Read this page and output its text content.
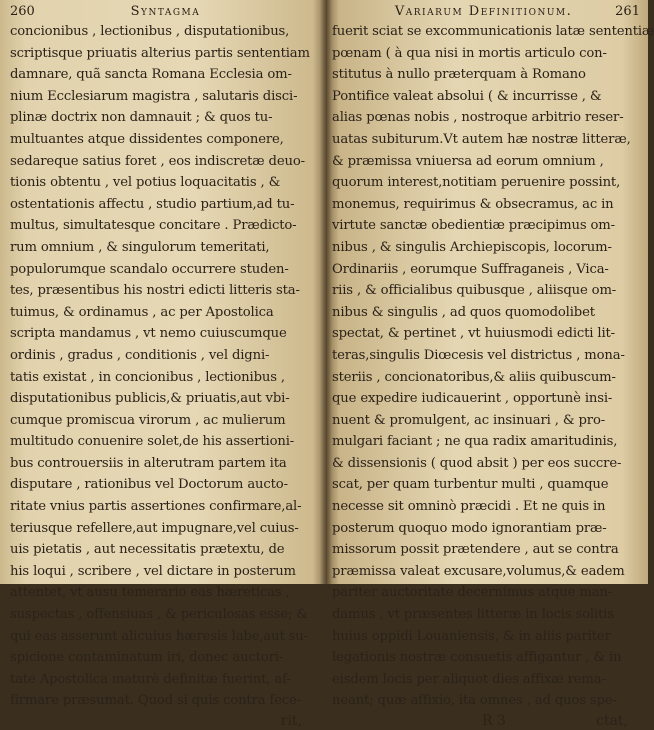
260	Syntagma
concionibus , lectionibus , disputationibus,
scriptisque priuatis alterius partis sententiam
damnare, quã sancta Romana Ecclesia om-
nium Ecclesiarum magistra , salutaris disci-
plinæ doctrix non damnauit ; & quos tu-
multuantes atque dissidentes componere,
sedareque satius foret , eos indiscretæ deuo-
tionis obtentu , vel potius loquacitatis , &
ostentationis affectu , studio partium,ad tu-
multus, simultatesque concitare . Prædicto-
rum omnium , & singulorum temeritati,
populorumque scandalo occurrere studen-
tes, præsentibus his nostri edicti litteris sta-
tuimus, & ordinamus , ac per Apostolica
scripta mandamus , vt nemo cuiuscumque
ordinis , gradus , conditionis , vel digni-
tatis existat , in concionibus , lectionibus ,
disputationibus publicis,& priuatis,aut vbi-
cumque promiscua virorum , ac mulierum
multitudo conuenire solet,de his assertioni-
bus controuersiis in alterutram partem ita
disputare , rationibus vel Doctorum aucto-
ritate vnius partis assertiones confirmare,al-
teriusque refellere,aut impugnare,vel cuius-
uis pietatis , aut necessitatis prætextu, de
his loqui , scribere , vel dictare in posterum
attentet, vt ausu temerario eas hæreticas ,
suspectas , offensiuas , & periculosas esse; &
qui eas asserunt alicuius hæresis labe,aut su-
spicione contaminatum iri, donec auctori-
tate Apostolica maturè definitæ fuerint, af-
firmare præsumat. Quod si quis contra fece-
rit,
Variarum Definitionum.	261
fuerit sciat se excommunicationis latæ sententiæ
pœnam ( à qua nisi in mortis articulo con-
stitutus à nullo præterquam à Romano
Pontifice valeat absolui ( & incurrisse , &
alias pœnas nobis , nostroque arbitrio reser-
uatas subiturum.Vt autem hæ nostræ litteræ,
& præmissa vniuersa ad eorum omnium ,
quorum interest,notitiam peruenire possint,
monemus, requirimus & obsecramus, ac in
virtute sanctæ obedientiæ præcipimus om-
nibus , & singulis Archiepiscopis, locorum-
Ordinariis , eorumque Suffraganeis , Vica-
riis , & officialibus quibusque , aliisque om-
nibus & singulis , ad quos quomodolibet
spectat, & pertinet , vt huiusmodi edicti lit-
teras,singulis Diœcesis vel districtus , mona-
steriis , concionatoribus,& aliis quibuscum-
que expedire iudicauerint , opportunè insi-
nuent & promulgent, ac insinuari , & pro-
mulgari faciant ; ne qua radix amaritudinis,
& dissensionis ( quod absit ) per eos succre-
scat, per quam turbentur multi , quamque
necesse sit omninò præcidi . Et ne quis in
posterum quoquo modo ignorantiam præ-
missorum possit prætendere , aut se contra
præmissa valeat excusare,volumus,& eadem
pariter auctoritate decernimus atque man-
damus , vt præsentes litteræ in locis solitis
huius oppidi Louaniensis, & in aliis pariter
legationis nostræ consuetis affigantur , & in
eisdem locis per aliquot dies affixæ rema-
neant; quæ affixio, ita omnes , ad quos spe-
R 3	ctat,
